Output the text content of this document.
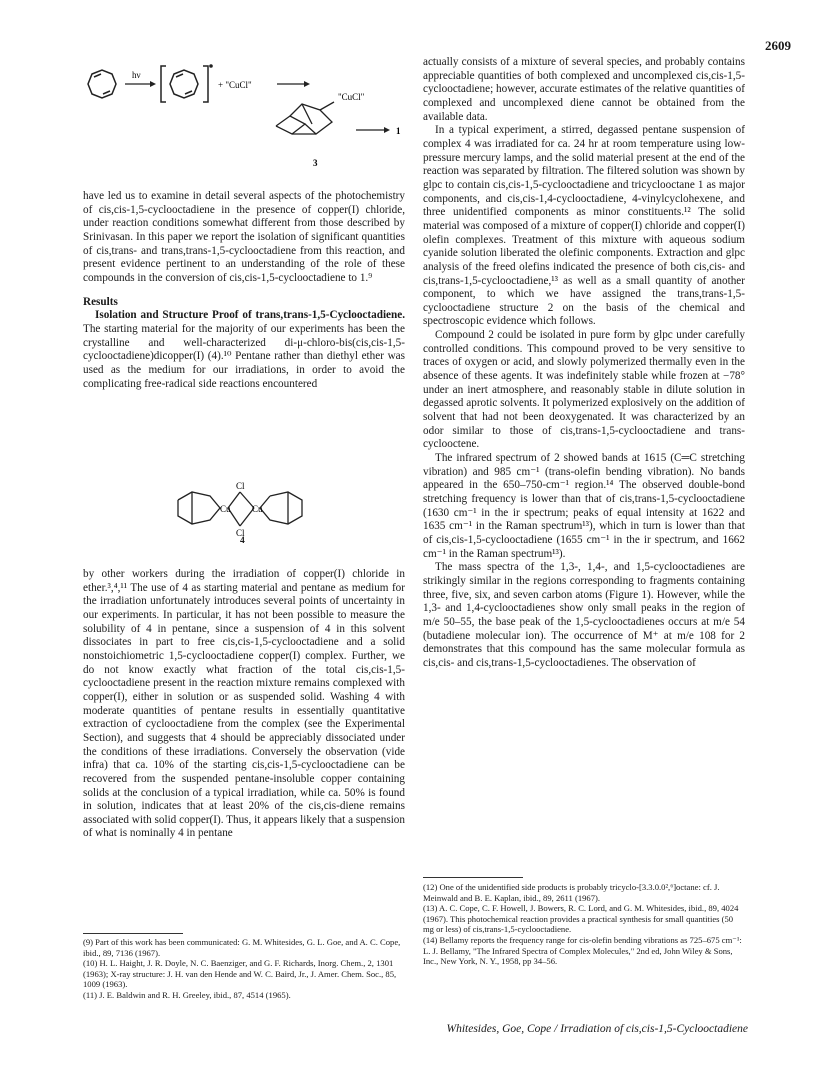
2609
hν
+ "CuCl"
"CuCl"
1
3

have led us to examine in detail several aspects of the photochemistry of cis,cis-1,5-cyclooctadiene in the presence of copper(I) chloride, under reaction conditions somewhat different from those described by Srinivasan. In this paper we report the isolation of significant quantities of cis,trans- and trans,trans-1,5-cyclooctadiene from this reaction, and present evidence pertinent to an understanding of the role of these compounds in the conversion of cis,cis-1,5-cyclooctadiene to 1.⁹

Results

Isolation and Structure Proof of trans,trans-1,5-Cyclooctadiene. The starting material for the majority of our experiments has been the crystalline and well-characterized di-μ-chloro-bis(cis,cis-1,5-cyclooctadiene)dicopper(I) (4).¹⁰ Pentane rather than diethyl ether was used as the medium for our irradiations, in order to avoid the complicating free-radical side reactions encountered

Cl
Cl
Cu Cu
4

by other workers during the irradiation of copper(I) chloride in ether.³,⁴,¹¹ The use of 4 as starting material and pentane as medium for the irradiation unfortunately introduces several points of uncertainty in our experiments. In particular, it has not been possible to measure the solubility of 4 in pentane, since a suspension of 4 in this solvent dissociates in part to free cis,cis-1,5-cyclooctadiene and a solid nonstoichiometric 1,5-cyclooctadiene copper(I) complex. Further, we do not know exactly what fraction of the total cis,cis-1,5-cyclooctadiene present in the reaction mixture remains complexed with copper(I), either in solution or as suspended solid. Washing 4 with moderate quantities of pentane results in essentially quantitative extraction of cyclooctadiene from the complex (see the Experimental Section), and suggests that 4 should be appreciably dissociated under the conditions of these irradiations. Conversely the observation (vide infra) that ca. 10% of the starting cis,cis-1,5-cyclooctadiene can be recovered from the suspended pentane-insoluble copper containing solids at the conclusion of a typical irradiation, while ca. 50% is found in solution, indicates that at least 20% of the cis,cis-diene remains associated with solid copper(I). Thus, it appears likely that a suspension of what is nominally 4 in pentane

(9) Part of this work has been communicated: G. M. Whitesides, G. L. Goe, and A. C. Cope, ibid., 89, 7136 (1967).

(10) H. L. Haight, J. R. Doyle, N. C. Baenziger, and G. F. Richards, Inorg. Chem., 2, 1301 (1963); X-ray structure: J. H. van den Hende and W. C. Baird, Jr., J. Amer. Chem. Soc., 85, 1009 (1963).

(11) J. E. Baldwin and R. H. Greeley, ibid., 87, 4514 (1965).

actually consists of a mixture of several species, and probably contains appreciable quantities of both complexed and uncomplexed cis,cis-1,5-cyclooctadiene; however, accurate estimates of the relative quantities of complexed and uncomplexed diene cannot be obtained from the available data.

In a typical experiment, a stirred, degassed pentane suspension of complex 4 was irradiated for ca. 24 hr at room temperature using low-pressure mercury lamps, and the solid material present at the end of the reaction was separated by filtration. The filtered solution was shown by glpc to contain cis,cis-1,5-cyclooctadiene and tricyclooctane 1 as major components, and cis,cis-1,4-cyclooctadiene, 4-vinylcyclohexene, and three unidentified components as minor constituents.¹² The solid material was composed of a mixture of copper(I) chloride and copper(I) olefin complexes. Treatment of this mixture with aqueous sodium cyanide solution liberated the olefinic components. Extraction and glpc analysis of the freed olefins indicated the presence of both cis,cis- and cis,trans-1,5-cyclooctadiene,¹³ as well as a small quantity of another component, to which we have assigned the trans,trans-1,5-cyclooctadiene structure 2 on the basis of the chemical and spectroscopic evidence which follows.

Compound 2 could be isolated in pure form by glpc under carefully controlled conditions. This compound proved to be very sensitive to traces of oxygen or acid, and slowly polymerized thermally even in the absence of these agents. It was indefinitely stable while frozen at −78° under an inert atmosphere, and reasonably stable in dilute solution in degassed aprotic solvents. It polymerized explosively on the addition of solvent that had not been deoxygenated. It was characterized by an odor similar to those of cis,trans-1,5-cyclooctadiene and trans-cyclooctene.

The infrared spectrum of 2 showed bands at 1615 (C═C stretching vibration) and 985 cm⁻¹ (trans-olefin bending vibration). No bands appeared in the 650–750-cm⁻¹ region.¹⁴ The observed double-bond stretching frequency is lower than that of cis,trans-1,5-cyclooctadiene (1630 cm⁻¹ in the ir spectrum; peaks of equal intensity at 1622 and 1635 cm⁻¹ in the Raman spectrum¹³), which in turn is lower than that of cis,cis-1,5-cyclooctadiene (1655 cm⁻¹ in the ir spectrum, and 1662 cm⁻¹ in the Raman spectrum¹³).

The mass spectra of the 1,3-, 1,4-, and 1,5-cyclooctadienes are strikingly similar in the regions corresponding to fragments containing three, five, six, and seven carbon atoms (Figure 1). However, while the 1,3- and 1,4-cyclooctadienes show only small peaks in the region of m/e 50–55, the base peak of the 1,5-cyclooctadienes occurs at m/e 54 (butadiene molecular ion). The occurrence of M⁺ at m/e 108 for 2 demonstrates that this compound has the same molecular formula as cis,cis- and cis,trans-1,5-cyclooctadienes. The observation of

(12) One of the unidentified side products is probably tricyclo-[3.3.0.0²,⁶]octane: cf. J. Meinwald and B. E. Kaplan, ibid., 89, 2611 (1967).

(13) A. C. Cope, C. F. Howell, J. Bowers, R. C. Lord, and G. M. Whitesides, ibid., 89, 4024 (1967). This photochemical reaction provides a practical synthesis for small quantities (50 mg or less) of cis,trans-1,5-cyclooctadiene.

(14) Bellamy reports the frequency range for cis-olefin bending vibrations as 725–675 cm⁻¹: L. J. Bellamy, "The Infrared Spectra of Complex Molecules," 2nd ed, John Wiley & Sons, Inc., New York, N. Y., 1958, pp 34–56.

Whitesides, Goe, Cope / Irradiation of cis,cis-1,5-Cyclooctadiene
